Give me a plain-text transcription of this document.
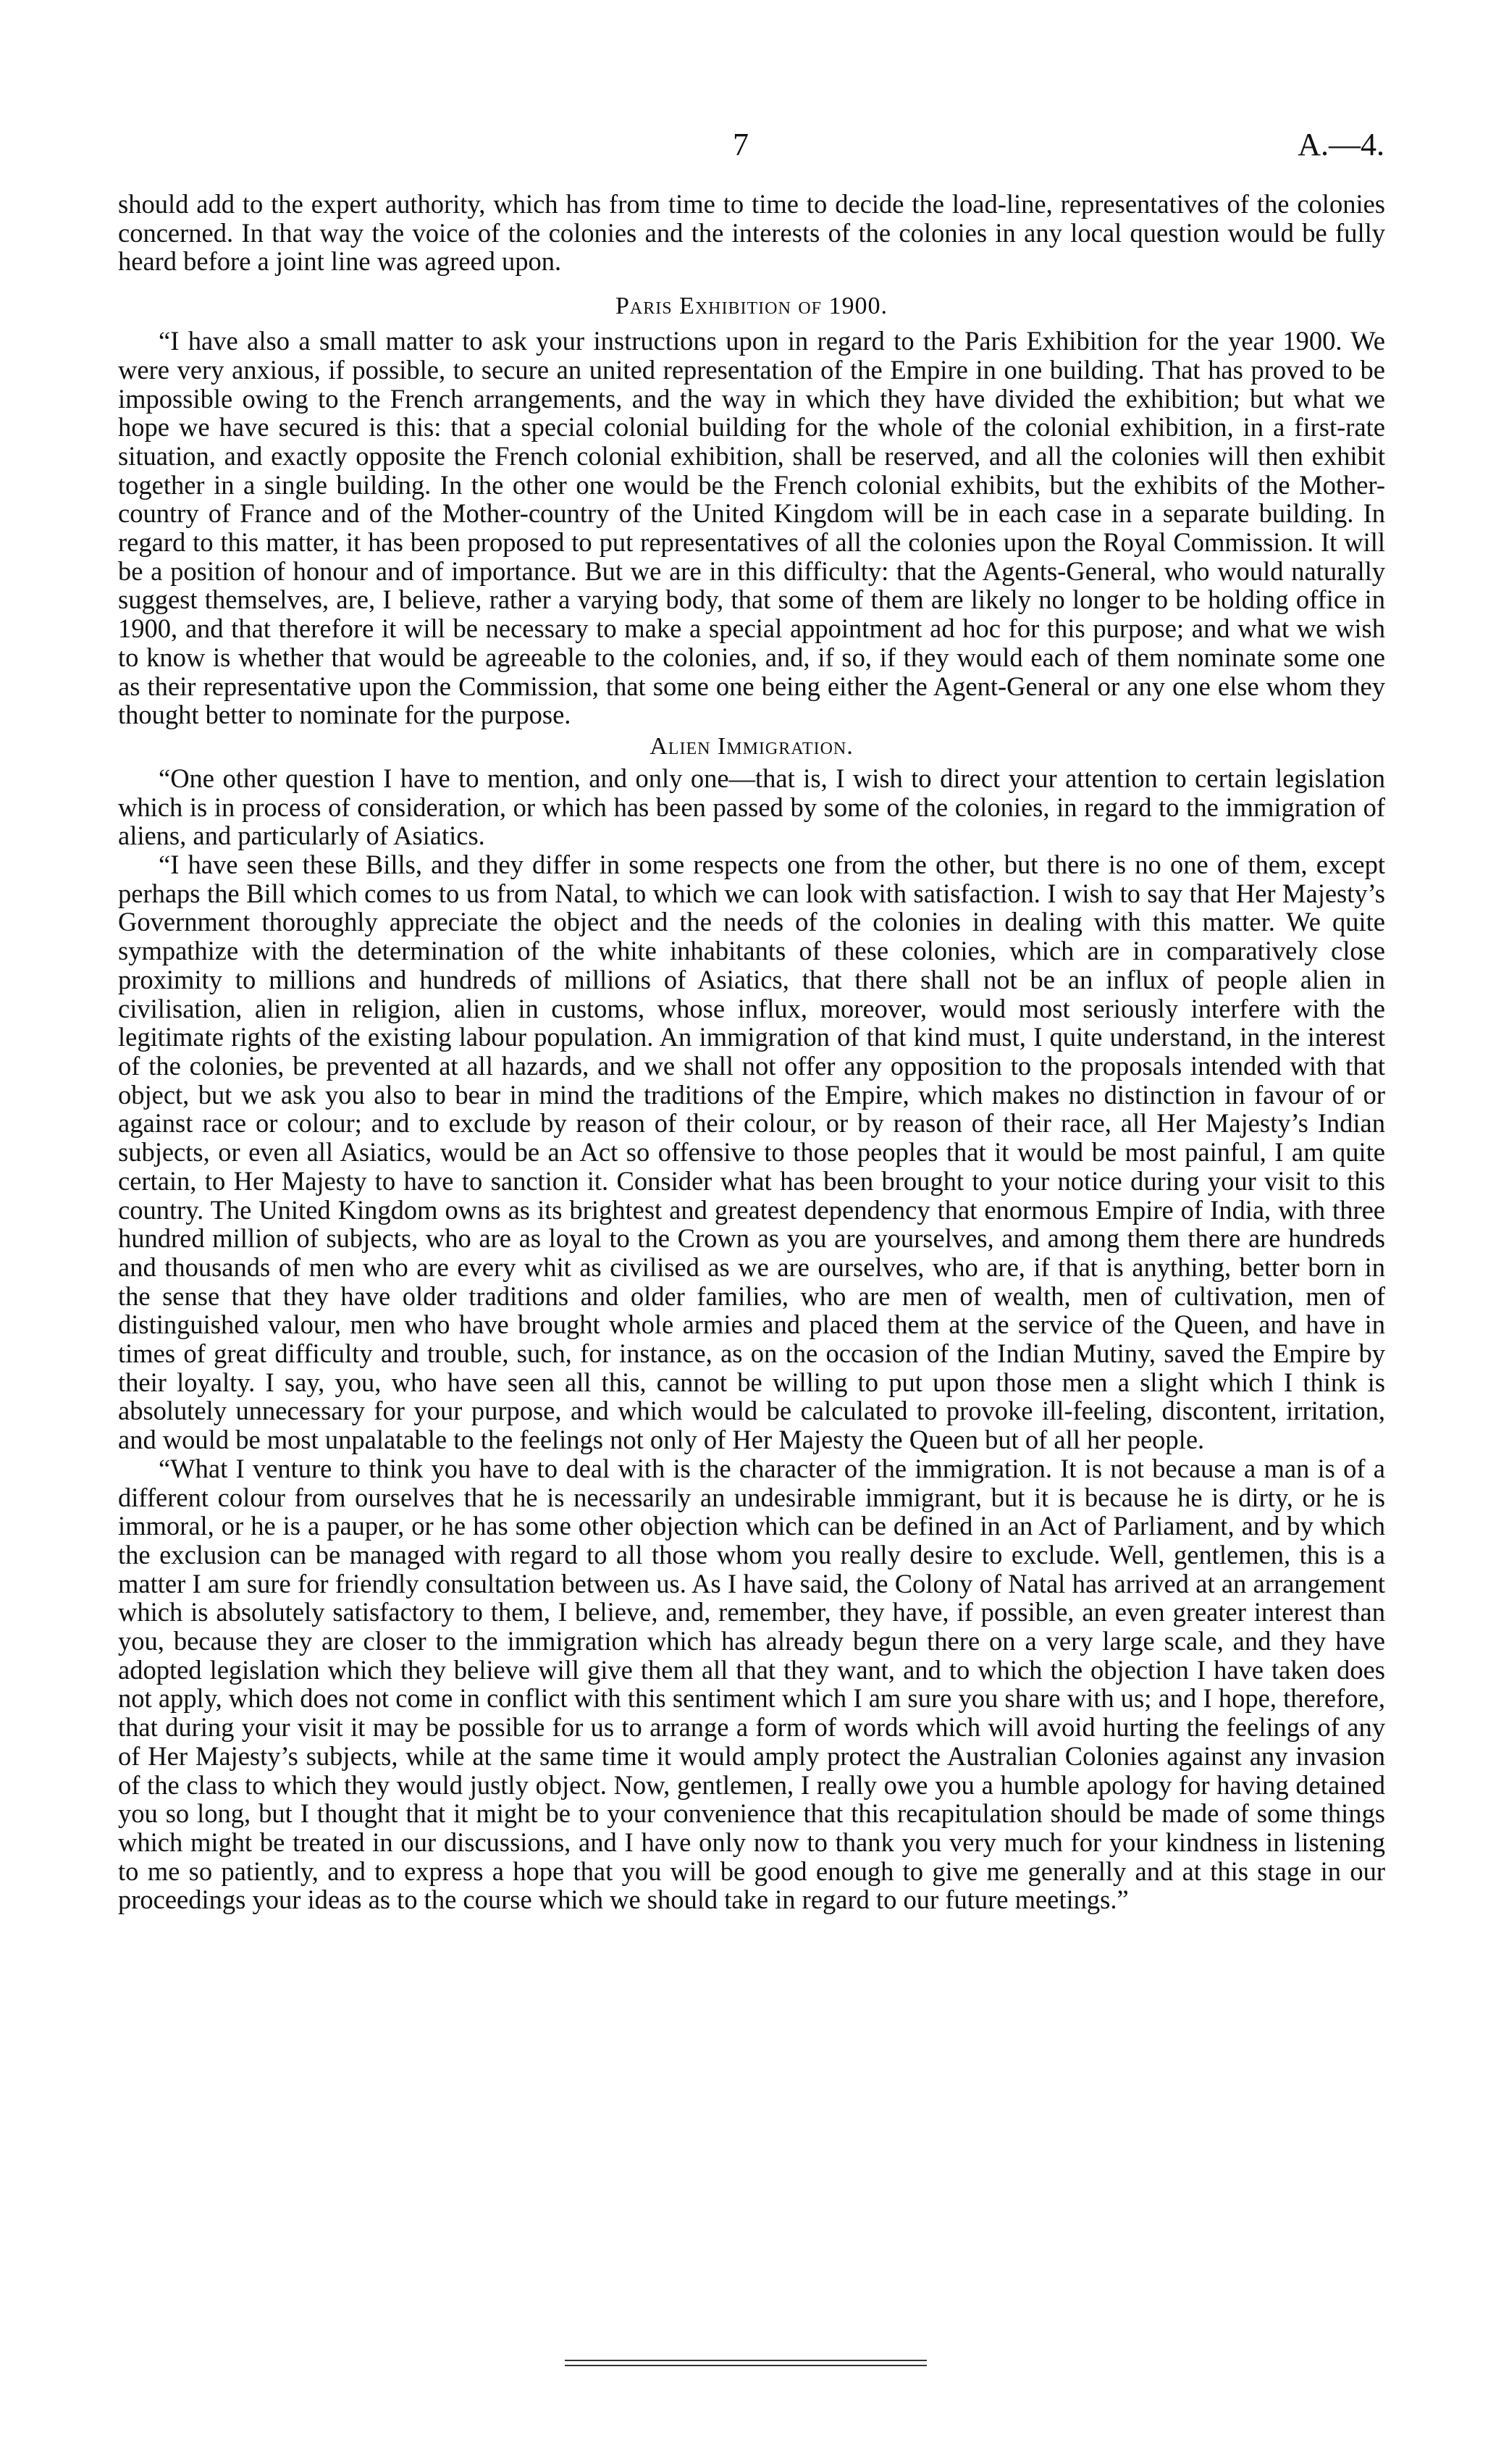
7	A.—4.

should add to the expert authority, which has from time to time to decide the load-line, representatives of the colonies concerned. In that way the voice of the colonies and the interests of the colonies in any local question would be fully heard before a joint line was agreed upon.

Paris Exhibition of 1900.

“I have also a small matter to ask your instructions upon in regard to the Paris Exhibition for the year 1900. We were very anxious, if possible, to secure an united representation of the Empire in one building. That has proved to be impossible owing to the French arrangements, and the way in which they have divided the exhibition; but what we hope we have secured is this: that a special colonial building for the whole of the colonial exhibition, in a first-rate situation, and exactly opposite the French colonial exhibition, shall be reserved, and all the colonies will then exhibit together in a single building. In the other one would be the French colonial exhibits, but the exhibits of the Mother-country of France and of the Mother-country of the United Kingdom will be in each case in a separate building. In regard to this matter, it has been proposed to put representatives of all the colonies upon the Royal Commission. It will be a position of honour and of importance. But we are in this difficulty: that the Agents-General, who would naturally suggest themselves, are, I believe, rather a varying body, that some of them are likely no longer to be holding office in 1900, and that therefore it will be necessary to make a special appointment ad hoc for this purpose; and what we wish to know is whether that would be agreeable to the colonies, and, if so, if they would each of them nominate some one as their representative upon the Commission, that some one being either the Agent-General or any one else whom they thought better to nominate for the purpose.

Alien Immigration.

“One other question I have to mention, and only one—that is, I wish to direct your attention to certain legislation which is in process of consideration, or which has been passed by some of the colonies, in regard to the immigration of aliens, and particularly of Asiatics.

“I have seen these Bills, and they differ in some respects one from the other, but there is no one of them, except perhaps the Bill which comes to us from Natal, to which we can look with satisfaction. I wish to say that Her Majesty’s Government thoroughly appreciate the object and the needs of the colonies in dealing with this matter. We quite sympathize with the determination of the white inhabitants of these colonies, which are in comparatively close proximity to millions and hundreds of millions of Asiatics, that there shall not be an influx of people alien in civilisation, alien in religion, alien in customs, whose influx, moreover, would most seriously interfere with the legitimate rights of the existing labour population. An immigration of that kind must, I quite understand, in the interest of the colonies, be prevented at all hazards, and we shall not offer any opposition to the proposals intended with that object, but we ask you also to bear in mind the traditions of the Empire, which makes no distinction in favour of or against race or colour; and to exclude by reason of their colour, or by reason of their race, all Her Majesty’s Indian subjects, or even all Asiatics, would be an Act so offensive to those peoples that it would be most painful, I am quite certain, to Her Majesty to have to sanction it. Consider what has been brought to your notice during your visit to this country. The United Kingdom owns as its brightest and greatest dependency that enormous Empire of India, with three hundred million of subjects, who are as loyal to the Crown as you are yourselves, and among them there are hundreds and thousands of men who are every whit as civilised as we are ourselves, who are, if that is anything, better born in the sense that they have older traditions and older families, who are men of wealth, men of cultivation, men of distinguished valour, men who have brought whole armies and placed them at the service of the Queen, and have in times of great difficulty and trouble, such, for instance, as on the occasion of the Indian Mutiny, saved the Empire by their loyalty. I say, you, who have seen all this, cannot be willing to put upon those men a slight which I think is absolutely unnecessary for your purpose, and which would be calculated to provoke ill-feeling, discontent, irritation, and would be most unpalatable to the feelings not only of Her Majesty the Queen but of all her people.

“What I venture to think you have to deal with is the character of the immigration. It is not because a man is of a different colour from ourselves that he is necessarily an undesirable immigrant, but it is because he is dirty, or he is immoral, or he is a pauper, or he has some other objection which can be defined in an Act of Parliament, and by which the exclusion can be managed with regard to all those whom you really desire to exclude. Well, gentlemen, this is a matter I am sure for friendly consultation between us. As I have said, the Colony of Natal has arrived at an arrangement which is absolutely satisfactory to them, I believe, and, remember, they have, if possible, an even greater interest than you, because they are closer to the immigration which has already begun there on a very large scale, and they have adopted legislation which they believe will give them all that they want, and to which the objection I have taken does not apply, which does not come in conflict with this sentiment which I am sure you share with us; and I hope, therefore, that during your visit it may be possible for us to arrange a form of words which will avoid hurting the feelings of any of Her Majesty’s subjects, while at the same time it would amply protect the Australian Colonies against any invasion of the class to which they would justly object. Now, gentlemen, I really owe you a humble apology for having detained you so long, but I thought that it might be to your convenience that this recapitulation should be made of some things which might be treated in our discussions, and I have only now to thank you very much for your kindness in listening to me so patiently, and to express a hope that you will be good enough to give me generally and at this stage in our proceedings your ideas as to the course which we should take in regard to our future meetings.”
